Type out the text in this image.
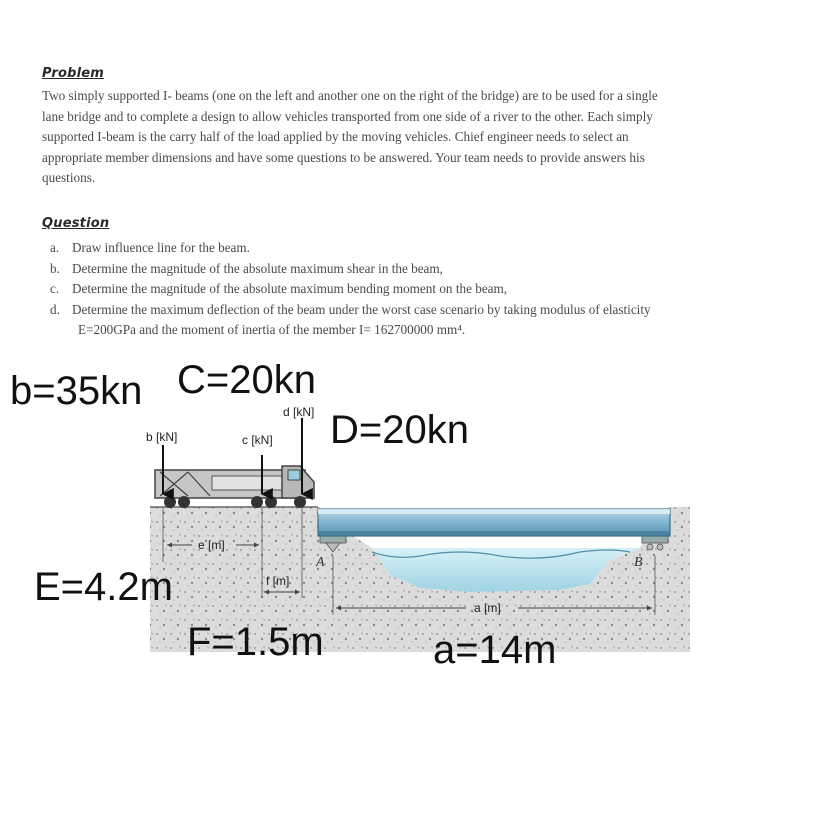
Problem
Two simply supported I- beams (one on the left and another one on the right of the bridge) are to be used for a single
lane bridge and to complete a design to allow vehicles transported from one side of a river to the other. Each simply
supported I-beam is the carry half of the load applied by the moving vehicles. Chief engineer needs to select an
appropriate member dimensions and have some questions to be answered. Your team needs to provide answers his
questions.
Question
a. Draw influence line for the beam.
b. Determine the magnitude of the absolute maximum shear in the beam,
c. Determine the magnitude of the absolute maximum bending moment on the beam,
d. Determine the maximum deflection of the beam under the worst case scenario by taking modulus of elasticity
E=200GPa and the moment of inertia of the member I= 162700000 mm⁴.
A	B
b [kN]	c [kN]
d [kN]
e [m]
f [m]
a [m]
b=35kn C=20kn
D=20kn
E=4.2m
F=1.5m	a=14m
